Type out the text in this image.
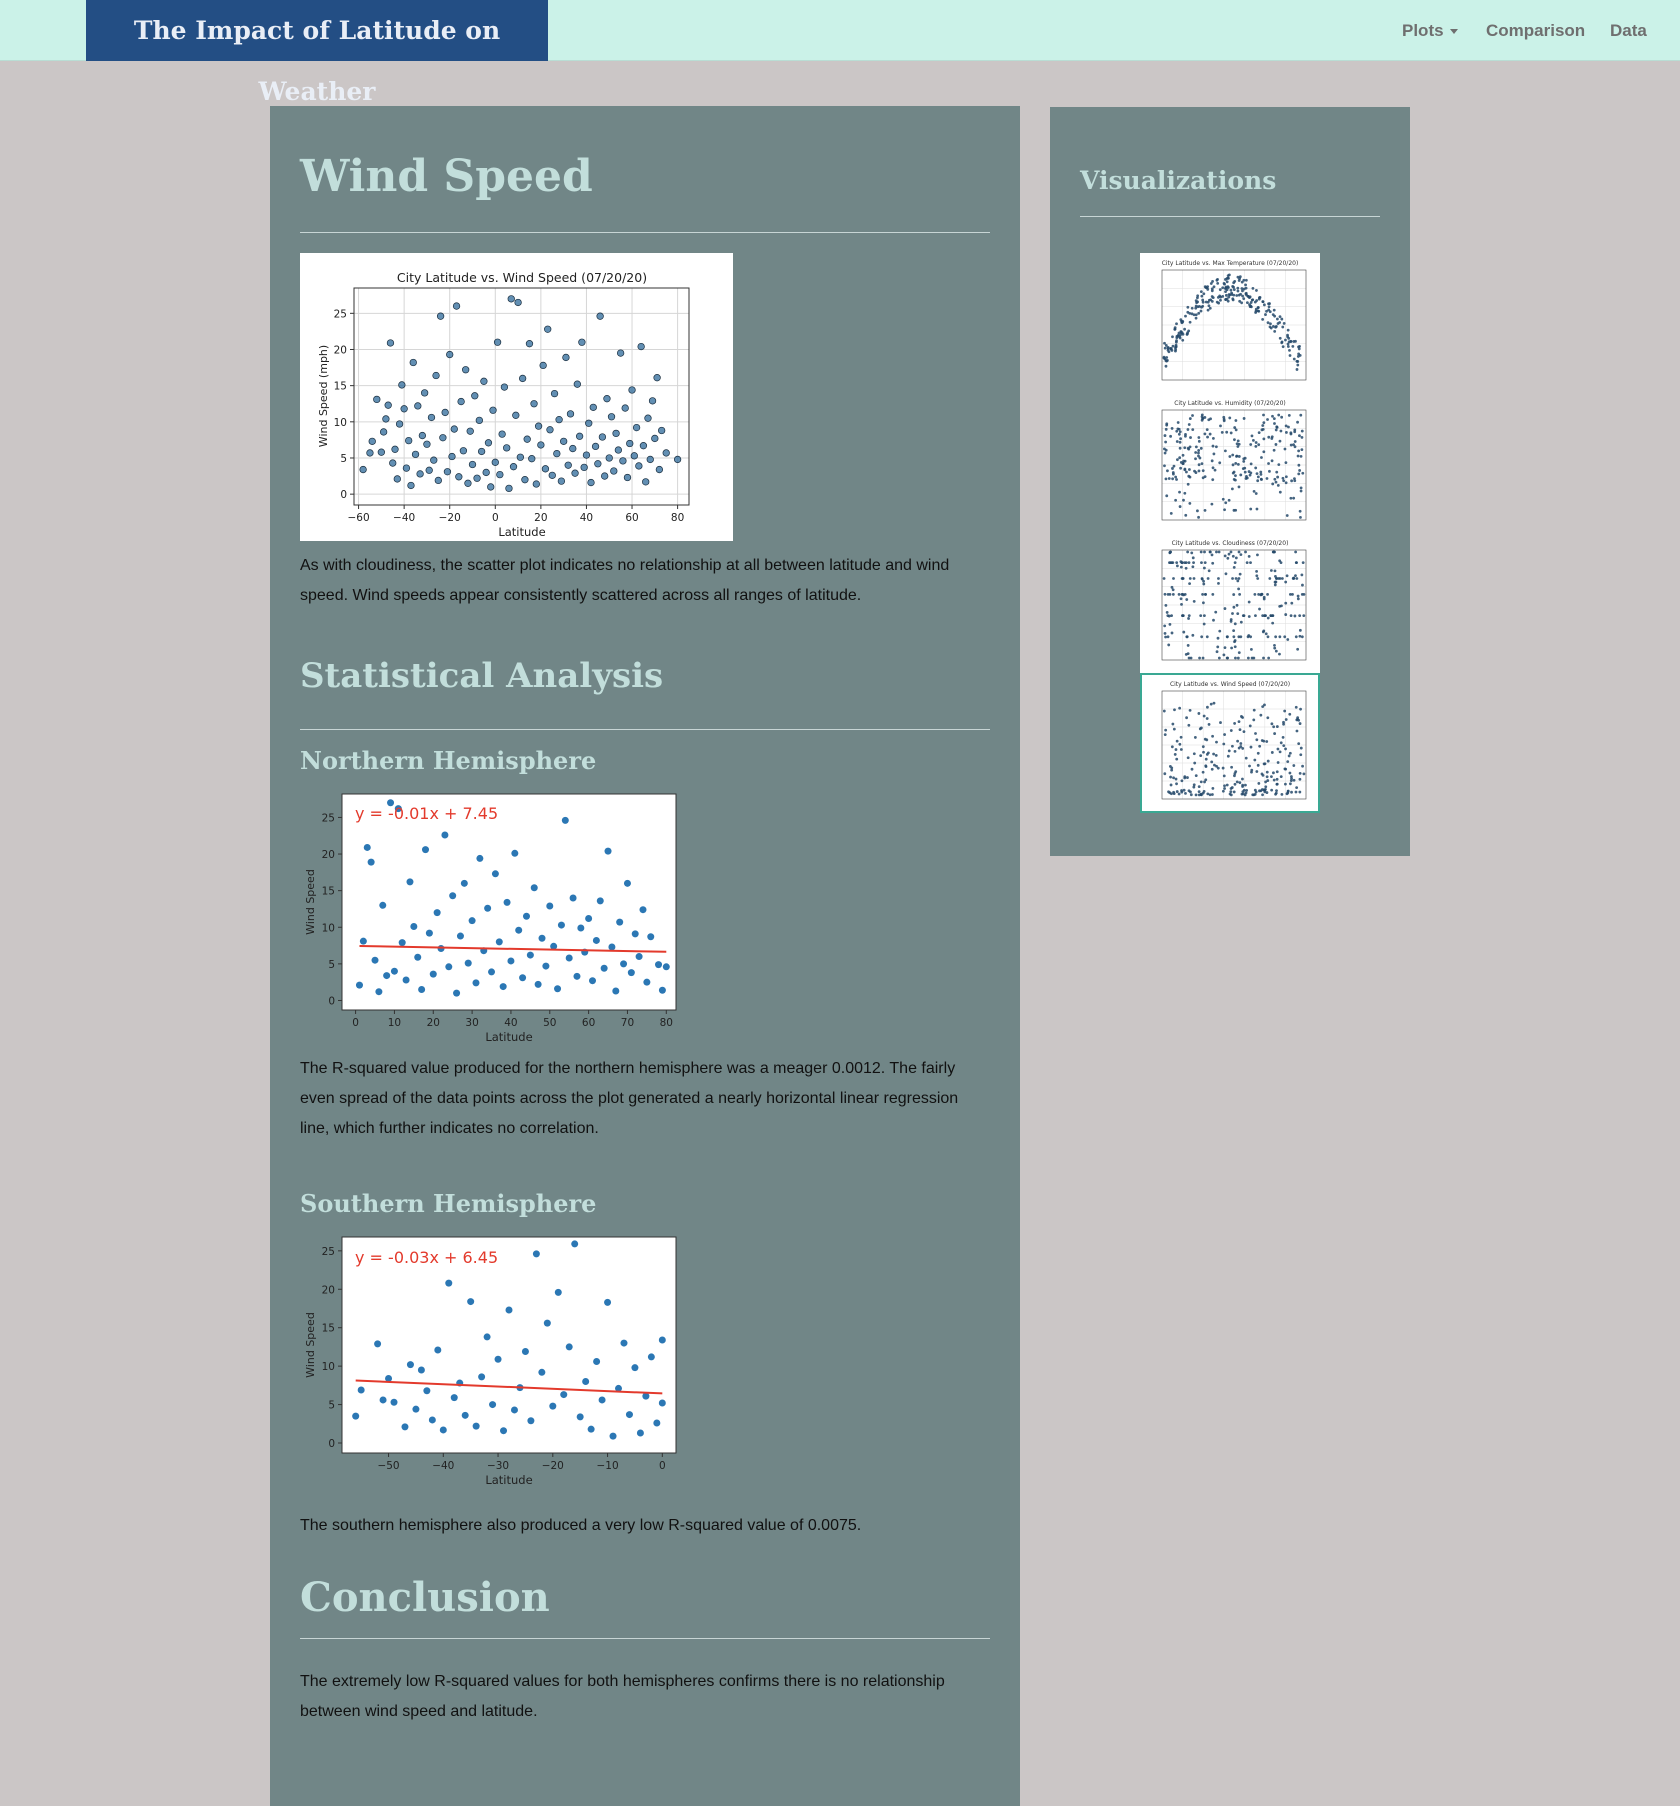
The Impact of Latitude on Weather
Plots	Comparison Data
Wind Speed
City Latitude vs. Wind Speed (07/20/20)
−60 −40 −20	0	20	40	60	80
0
5
10
15
20
25
Latitude
Wind Speed (mph)

As with cloudiness, the scatter plot indicates no relationship at all between latitude and wind speed. Wind speeds appear consistently scattered across all ranges of latitude.

Statistical Analysis
Northern Hemisphere
y = -0.01x + 7.45
0	10 20 30 40 50 60 70 80
0
5
10
15
20
25
Latitude
Wind Speed

The R-squared value produced for the northern hemisphere was a meager 0.0012. The fairly even spread of the data points across the plot generated a nearly horizontal linear regression line, which further indicates no correlation.

Southern Hemisphere
y = -0.03x + 6.45
−50	−40	−30	−20	−10	0
0
5
10
15
20
25
Latitude
Wind Speed

The southern hemisphere also produced a very low R-squared value of 0.0075.

Conclusion

The extremely low R-squared values for both hemispheres confirms there is no relationship between wind speed and latitude.

Visualizations
City Latitude vs. Max Temperature (07/20/20)
City Latitude vs. Humidity (07/20/20)
City Latitude vs. Cloudiness (07/20/20)
City Latitude vs. Wind Speed (07/20/20)
